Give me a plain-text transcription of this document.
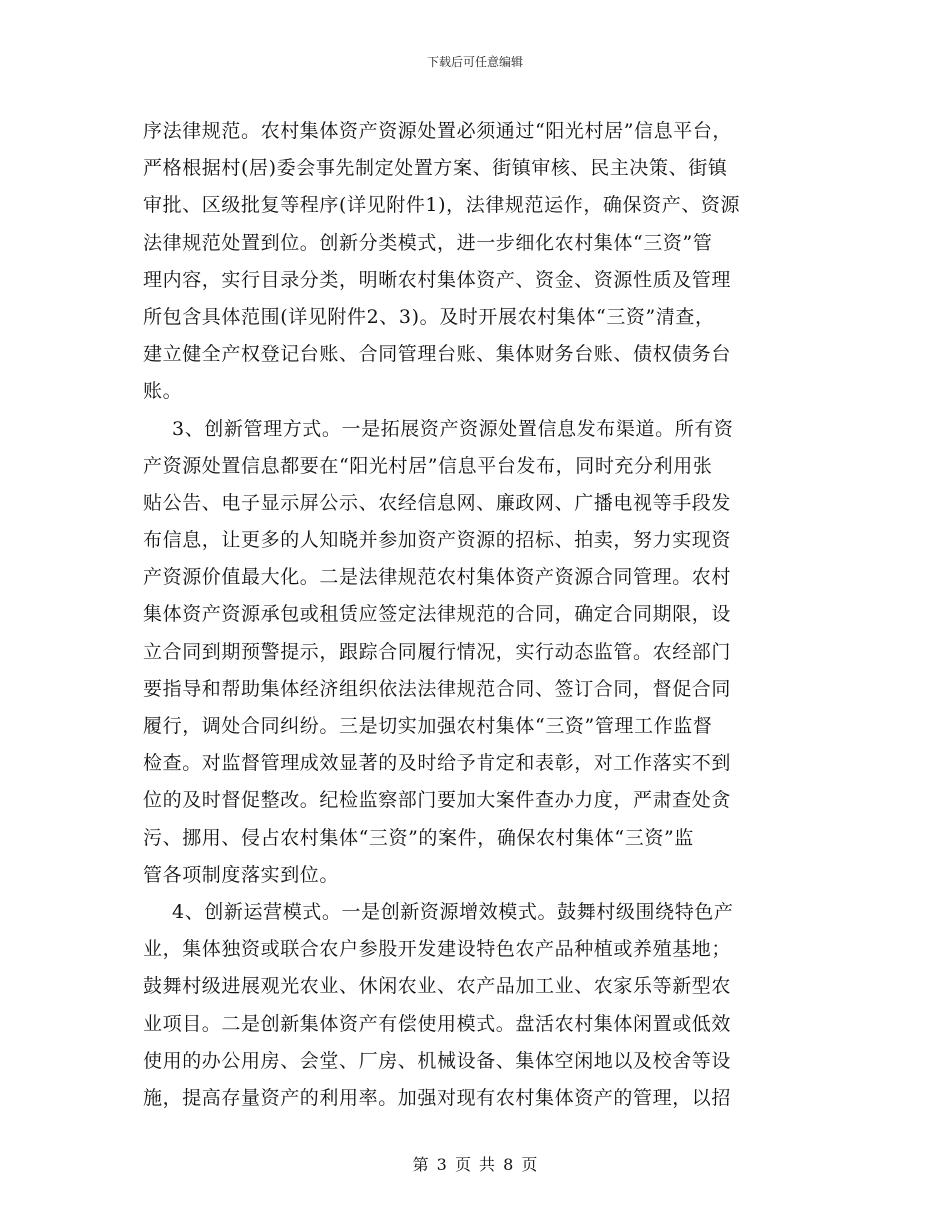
下载后可任意编辑
序法律规范。农村集体资产资源处置必须通过“阳光村居”信息平台，
严格根据村(居)委会事先制定处置方案、街镇审核、民主决策、街镇
审批、区级批复等程序(详见附件1)，法律规范运作，确保资产、资源
法律规范处置到位。创新分类模式，进一步细化农村集体“三资”管
理内容，实行目录分类，明晰农村集体资产、资金、资源性质及管理
所包含具体范围(详见附件2、3)。及时开展农村集体“三资”清查，
建立健全产权登记台账、合同管理台账、集体财务台账、债权债务台
账。
3、创新管理方式。一是拓展资产资源处置信息发布渠道。所有资
产资源处置信息都要在“阳光村居”信息平台发布，同时充分利用张
贴公告、电子显示屏公示、农经信息网、廉政网、广播电视等手段发
布信息，让更多的人知晓并参加资产资源的招标、拍卖，努力实现资
产资源价值最大化。二是法律规范农村集体资产资源合同管理。农村
集体资产资源承包或租赁应签定法律规范的合同，确定合同期限，设
立合同到期预警提示，跟踪合同履行情况，实行动态监管。农经部门
要指导和帮助集体经济组织依法法律规范合同、签订合同，督促合同
履行，调处合同纠纷。三是切实加强农村集体“三资”管理工作监督
检查。对监督管理成效显著的及时给予肯定和表彰，对工作落实不到
位的及时督促整改。纪检监察部门要加大案件查办力度，严肃查处贪
污、挪用、侵占农村集体“三资”的案件，确保农村集体“三资”监
管各项制度落实到位。
4、创新运营模式。一是创新资源增效模式。鼓舞村级围绕特色产
业，集体独资或联合农户参股开发建设特色农产品种植或养殖基地；
鼓舞村级进展观光农业、休闲农业、农产品加工业、农家乐等新型农
业项目。二是创新集体资产有偿使用模式。盘活农村集体闲置或低效
使用的办公用房、会堂、厂房、机械设备、集体空闲地以及校舍等设
施，提高存量资产的利用率。加强对现有农村集体资产的管理，以招
第 3 页 共 8 页
